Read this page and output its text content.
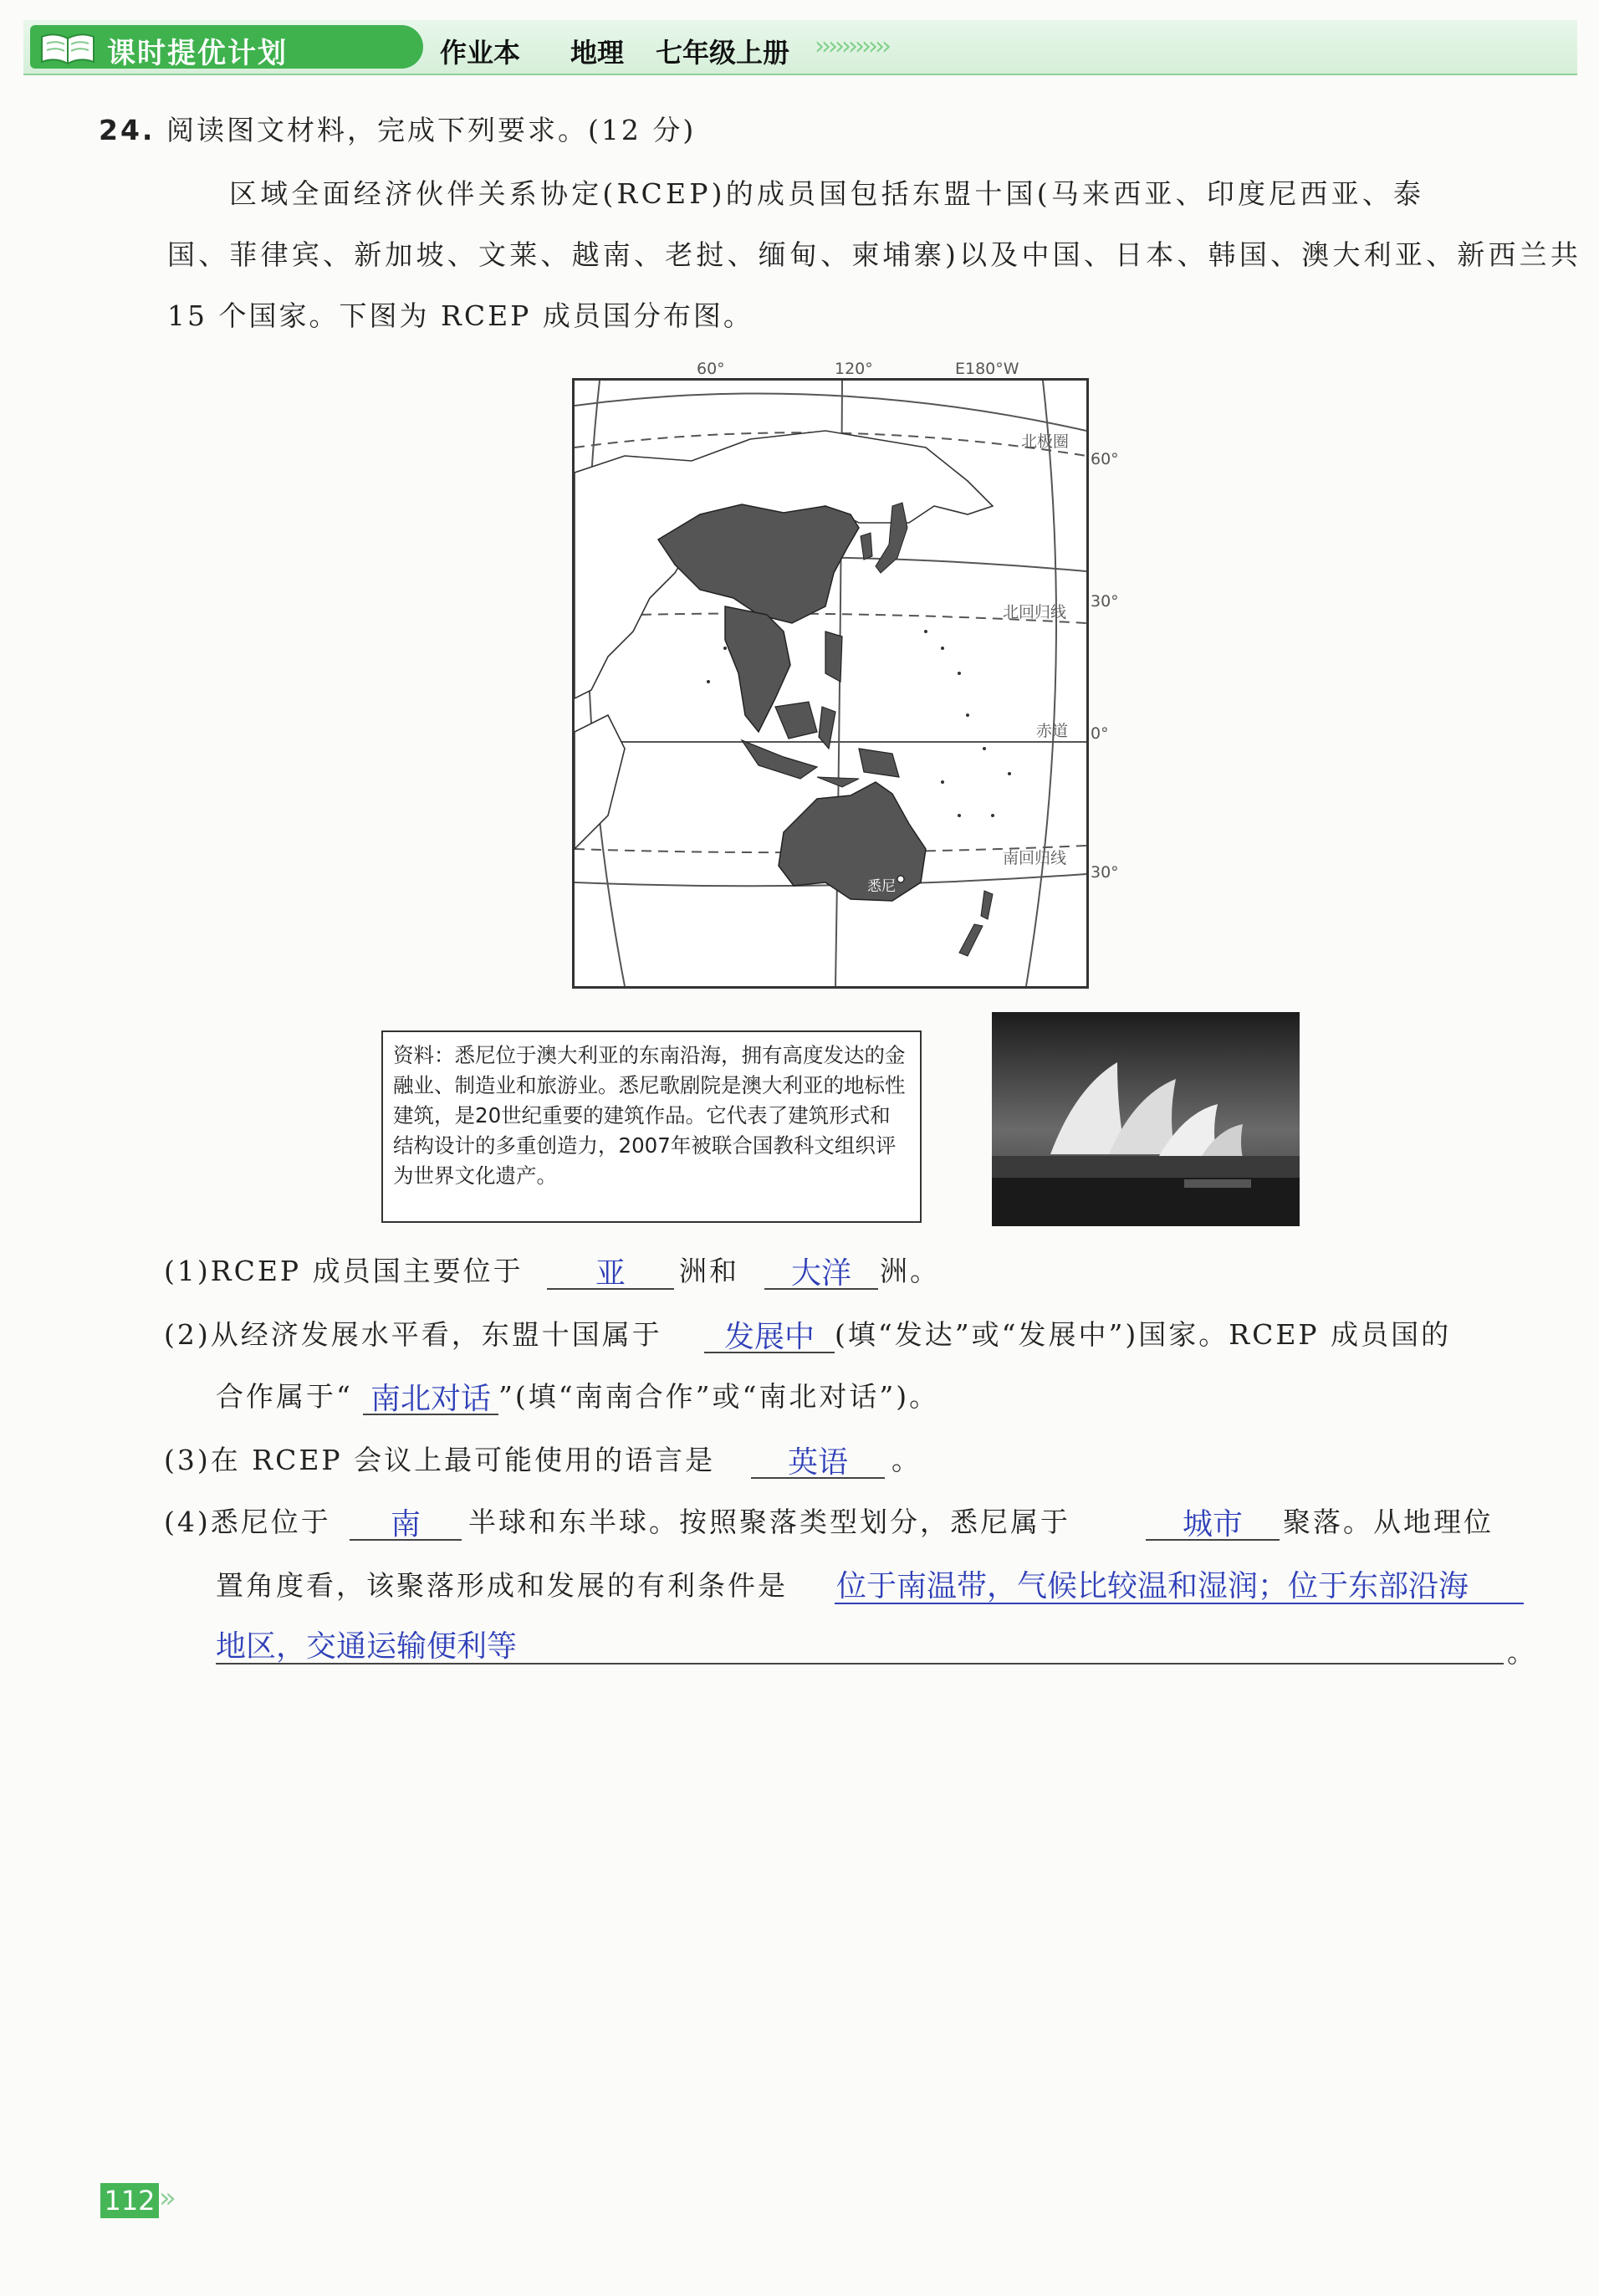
课时提优计划	作业本 地理 七年级上册 ›››››››››››
24. 阅读图文材料，完成下列要求。(12 分)
区域全面经济伙伴关系协定(RCEP)的成员国包括东盟十国(马来西亚、印度尼西亚、泰
国、菲律宾、新加坡、文莱、越南、老挝、缅甸、柬埔寨)以及中国、日本、韩国、澳大利亚、新西兰共
15 个国家。下图为 RCEP 成员国分布图。
60°	120°	E180°W
北极圈
北回归线
赤道
南回归线
悉尼
60°
30°
0°
30°
资料：悉尼位于澳大利亚的东南沿海，拥有高度发达的金融业、制造业和旅游业。悉尼歌剧院是澳大利亚的地标性建筑，是20世纪重要的建筑作品。它代表了建筑形式和结构设计的多重创造力，2007年被联合国教科文组织评为世界文化遗产。
(1)RCEP 成员国主要位于	亚	洲和	大洋	洲。
(2)从经济发展水平看，东盟十国属于	发展中 (填“发达”或“发展中”)国家。RCEP 成员国的
合作属于“ 南北对话 ”(填“南南合作”或“南北对话”)。
(3)在 RCEP 会议上最可能使用的语言是	英语	。
(4)悉尼位于	南	半球和东半球。按照聚落类型划分，悉尼属于	城市	聚落。从地理位
置角度看，该聚落形成和发展的有利条件是 位于南温带，气候比较温和湿润；位于东部沿海
地区，交通运输便利等	。
112 »
